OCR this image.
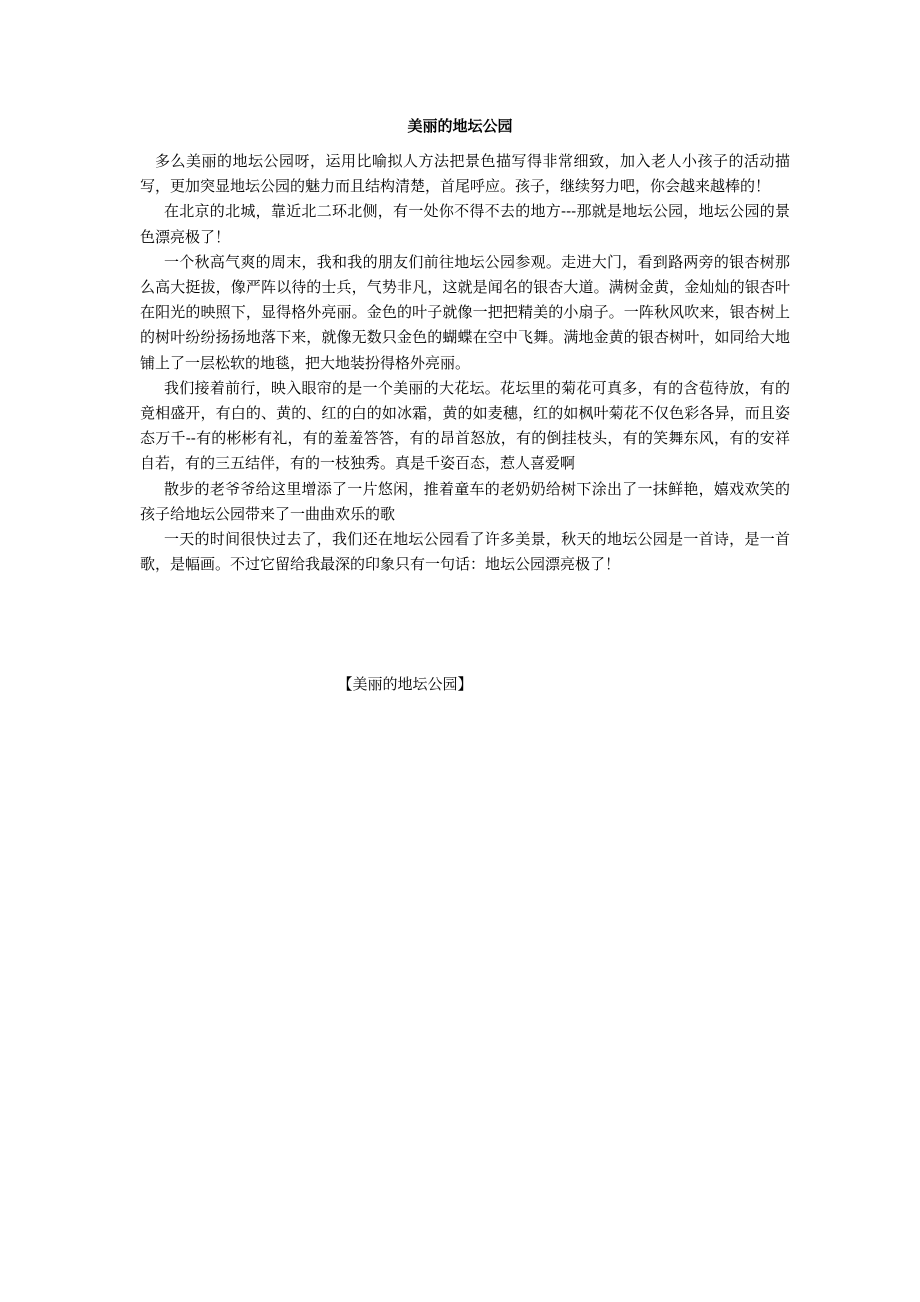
美丽的地坛公园

多么美丽的地坛公园呀，运用比喻拟人方法把景色描写得非常细致，加入老人小孩子的活动描写，更加突显地坛公园的魅力而且结构清楚，首尾呼应。孩子，继续努力吧，你会越来越棒的！

在北京的北城，靠近北二环北侧，有一处你不得不去的地方---那就是地坛公园，地坛公园的景色漂亮极了！

一个秋高气爽的周末，我和我的朋友们前往地坛公园参观。走进大门，看到路两旁的银杏树那么高大挺拔，像严阵以待的士兵，气势非凡，这就是闻名的银杏大道。满树金黄，金灿灿的银杏叶在阳光的映照下，显得格外亮丽。金色的叶子就像一把把精美的小扇子。一阵秋风吹来，银杏树上的树叶纷纷扬扬地落下来，就像无数只金色的蝴蝶在空中飞舞。满地金黄的银杏树叶，如同给大地铺上了一层松软的地毯，把大地装扮得格外亮丽。

我们接着前行，映入眼帘的是一个美丽的大花坛。花坛里的菊花可真多，有的含苞待放，有的竟相盛开，有白的、黄的、红的白的如冰霜，黄的如麦穗，红的如枫叶菊花不仅色彩各异，而且姿态万千--有的彬彬有礼，有的羞羞答答，有的昂首怒放，有的倒挂枝头，有的笑舞东风，有的安祥自若，有的三五结伴，有的一枝独秀。真是千姿百态，惹人喜爱啊

散步的老爷爷给这里增添了一片悠闲，推着童车的老奶奶给树下涂出了一抹鲜艳，嬉戏欢笑的孩子给地坛公园带来了一曲曲欢乐的歌

一天的时间很快过去了，我们还在地坛公园看了许多美景，秋天的地坛公园是一首诗，是一首歌，是幅画。不过它留给我最深的印象只有一句话：地坛公园漂亮极了！

【美丽的地坛公园】
